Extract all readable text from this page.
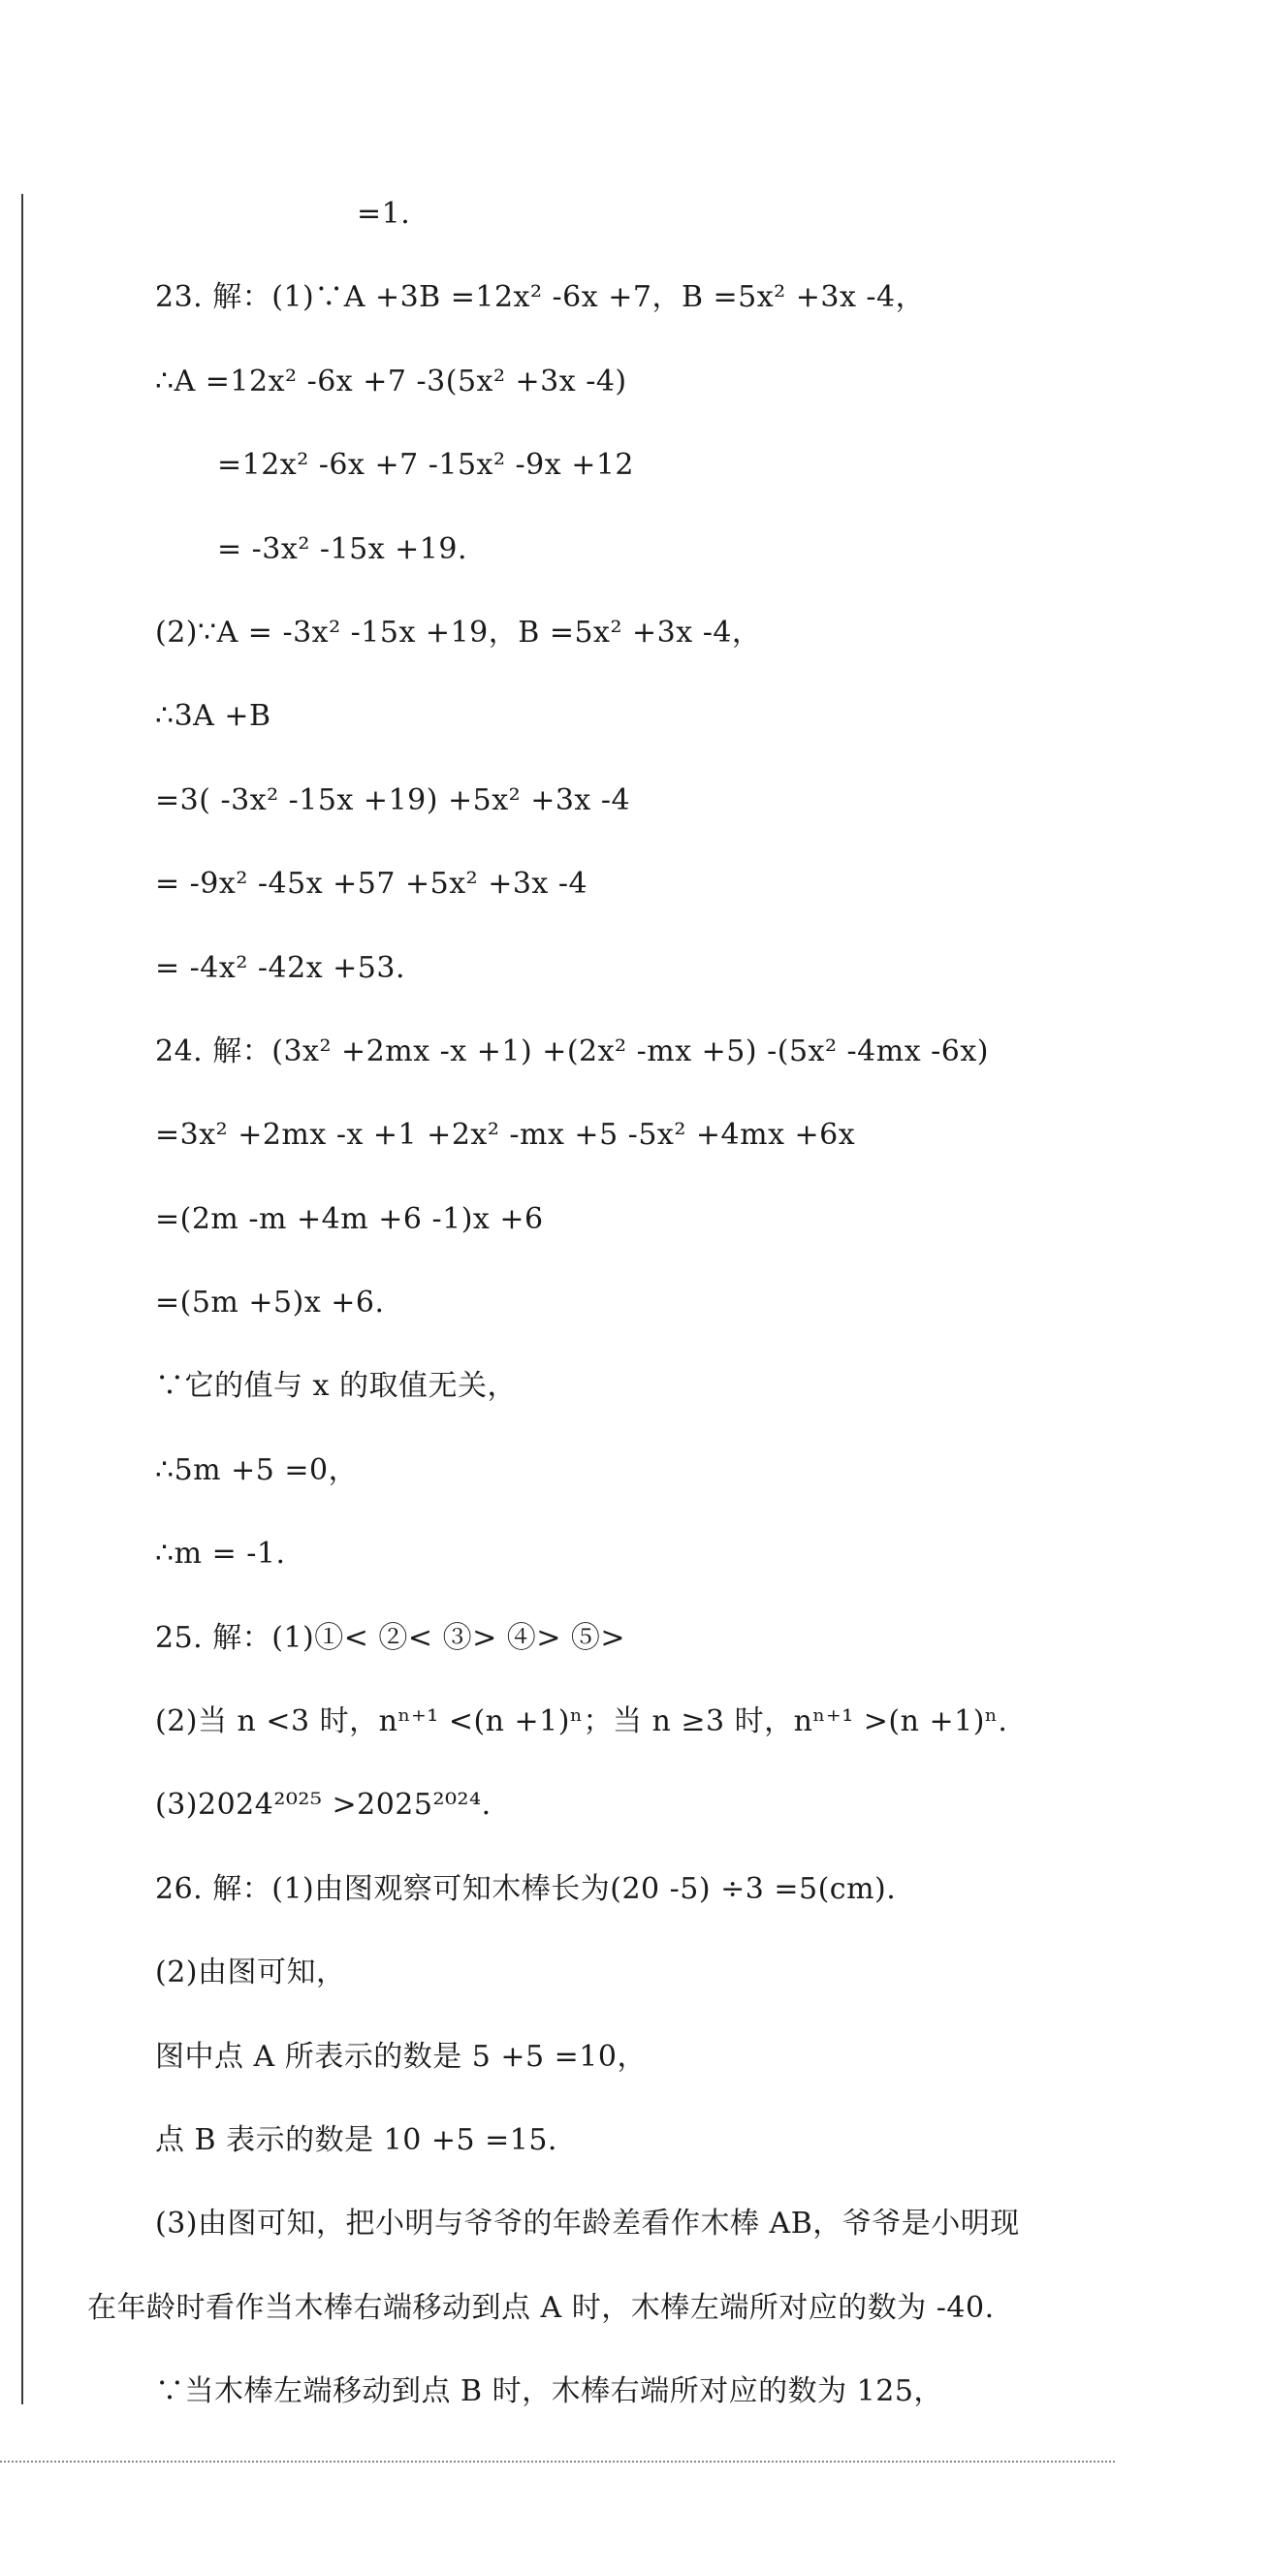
=1.
23. 解：(1)∵A +3B =12x² -6x +7，B =5x² +3x -4，
∴A =12x² -6x +7 -3(5x² +3x -4)
=12x² -6x +7 -15x² -9x +12
= -3x² -15x +19.
(2)∵A = -3x² -15x +19，B =5x² +3x -4，
∴3A +B
=3( -3x² -15x +19) +5x² +3x -4
= -9x² -45x +57 +5x² +3x -4
= -4x² -42x +53.
24. 解：(3x² +2mx -x +1) +(2x² -mx +5) -(5x² -4mx -6x)
=3x² +2mx -x +1 +2x² -mx +5 -5x² +4mx +6x
=(2m -m +4m +6 -1)x +6
=(5m +5)x +6.
∵它的值与 x 的取值无关，
∴5m +5 =0，
∴m = -1.
25. 解：(1)①< ②< ③> ④> ⑤>
(2)当 n <3 时，nⁿ⁺¹ <(n +1)ⁿ；当 n ≥3 时，nⁿ⁺¹ >(n +1)ⁿ.
(3)2024²⁰²⁵ >2025²⁰²⁴.
26. 解：(1)由图观察可知木棒长为(20 -5) ÷3 =5(cm).
(2)由图可知，
图中点 A 所表示的数是 5 +5 =10，
点 B 表示的数是 10 +5 =15.
(3)由图可知，把小明与爷爷的年龄差看作木棒 AB，爷爷是小明现
在年龄时看作当木棒右端移动到点 A 时，木棒左端所对应的数为 -40.
∵当木棒左端移动到点 B 时，木棒右端所对应的数为 125，
